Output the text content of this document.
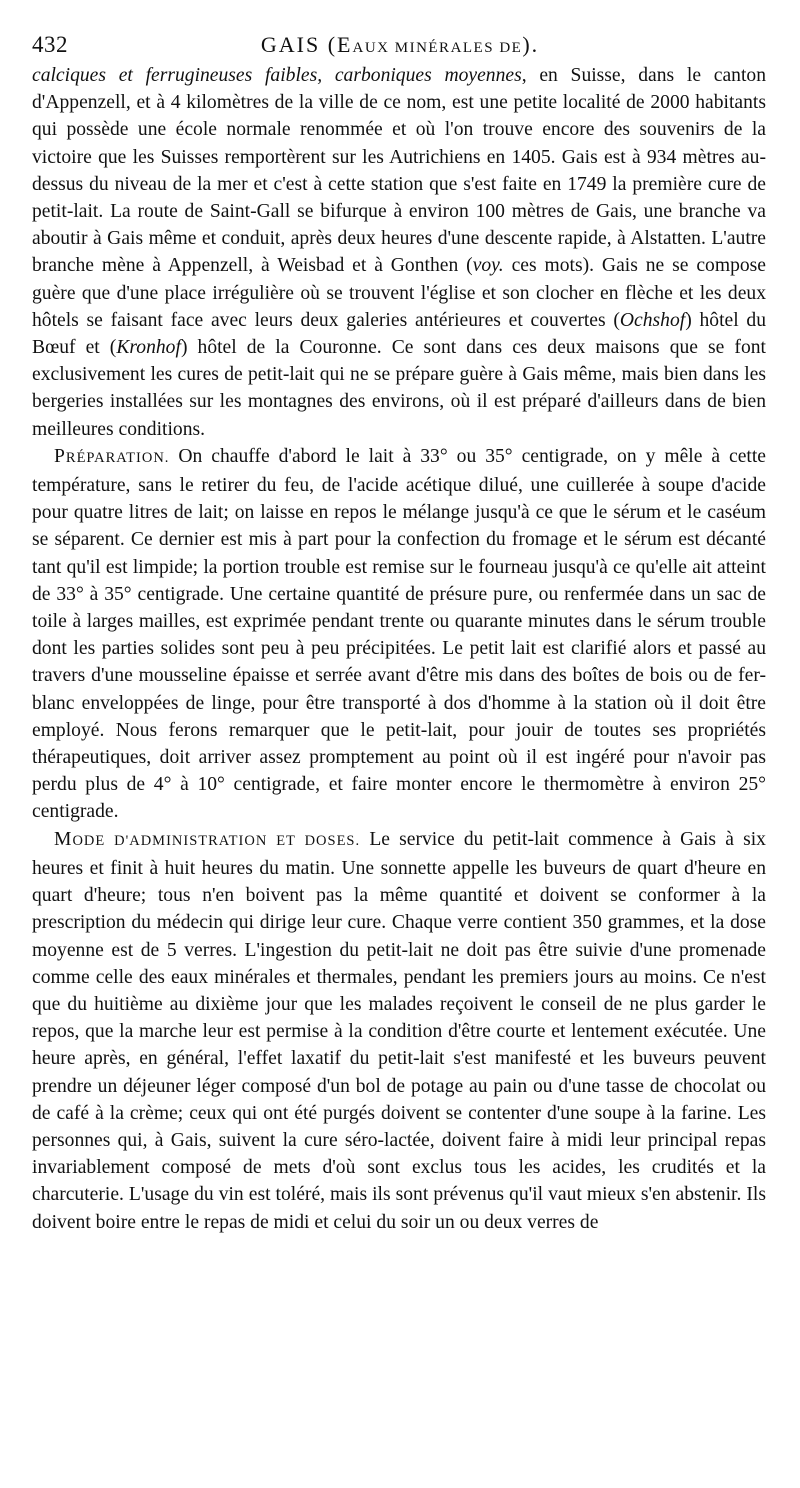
432	GAIS (EAUX MINÉRALES DE).

calciques et ferrugineuses faibles, carboniques moyennes, en Suisse, dans le canton d'Appenzell, et à 4 kilomètres de la ville de ce nom, est une petite localité de 2000 habitants qui possède une école normale renommée et où l'on trouve encore des souvenirs de la victoire que les Suisses remportèrent sur les Autrichiens en 1405. Gais est à 934 mètres au-dessus du niveau de la mer et c'est à cette station que s'est faite en 1749 la première cure de petit-lait. La route de Saint-Gall se bifurque à environ 100 mètres de Gais, une branche va aboutir à Gais même et conduit, après deux heures d'une descente rapide, à Alstatten. L'autre branche mène à Appenzell, à Weisbad et à Gonthen (voy. ces mots). Gais ne se compose guère que d'une place irrégulière où se trouvent l'église et son clocher en flèche et les deux hôtels se faisant face avec leurs deux galeries antérieures et couvertes (Ochshof) hôtel du Bœuf et (Kronhof) hôtel de la Couronne. Ce sont dans ces deux maisons que se font exclusivement les cures de petit-lait qui ne se prépare guère à Gais même, mais bien dans les bergeries installées sur les montagnes des environs, où il est préparé d'ailleurs dans de bien meilleures conditions.

PRÉPARATION. On chauffe d'abord le lait à 33° ou 35° centigrade, on y mêle à cette température, sans le retirer du feu, de l'acide acétique dilué, une cuillerée à soupe d'acide pour quatre litres de lait; on laisse en repos le mélange jusqu'à ce que le sérum et le caséum se séparent. Ce dernier est mis à part pour la confection du fromage et le sérum est décanté tant qu'il est limpide; la portion trouble est remise sur le fourneau jusqu'à ce qu'elle ait atteint de 33° à 35° centigrade. Une certaine quantité de présure pure, ou renfermée dans un sac de toile à larges mailles, est exprimée pendant trente ou quarante minutes dans le sérum trouble dont les parties solides sont peu à peu précipitées. Le petit lait est clarifié alors et passé au travers d'une mousseline épaisse et serrée avant d'être mis dans des boîtes de bois ou de fer-blanc enveloppées de linge, pour être transporté à dos d'homme à la station où il doit être employé. Nous ferons remarquer que le petit-lait, pour jouir de toutes ses propriétés thérapeutiques, doit arriver assez promptement au point où il est ingéré pour n'avoir pas perdu plus de 4° à 10° centigrade, et faire monter encore le thermomètre à environ 25° centigrade.

MODE D'ADMINISTRATION ET DOSES. Le service du petit-lait commence à Gais à six heures et finit à huit heures du matin. Une sonnette appelle les buveurs de quart d'heure en quart d'heure; tous n'en boivent pas la même quantité et doivent se conformer à la prescription du médecin qui dirige leur cure. Chaque verre contient 350 grammes, et la dose moyenne est de 5 verres. L'ingestion du petit-lait ne doit pas être suivie d'une promenade comme celle des eaux minérales et thermales, pendant les premiers jours au moins. Ce n'est que du huitième au dixième jour que les malades reçoivent le conseil de ne plus garder le repos, que la marche leur est permise à la condition d'être courte et lentement exécutée. Une heure après, en général, l'effet laxatif du petit-lait s'est manifesté et les buveurs peuvent prendre un déjeuner léger composé d'un bol de potage au pain ou d'une tasse de chocolat ou de café à la crème; ceux qui ont été purgés doivent se contenter d'une soupe à la farine. Les personnes qui, à Gais, suivent la cure séro-lactée, doivent faire à midi leur principal repas invariablement composé de mets d'où sont exclus tous les acides, les crudités et la charcuterie. L'usage du vin est toléré, mais ils sont prévenus qu'il vaut mieux s'en abstenir. Ils doivent boire entre le repas de midi et celui du soir un ou deux verres de
